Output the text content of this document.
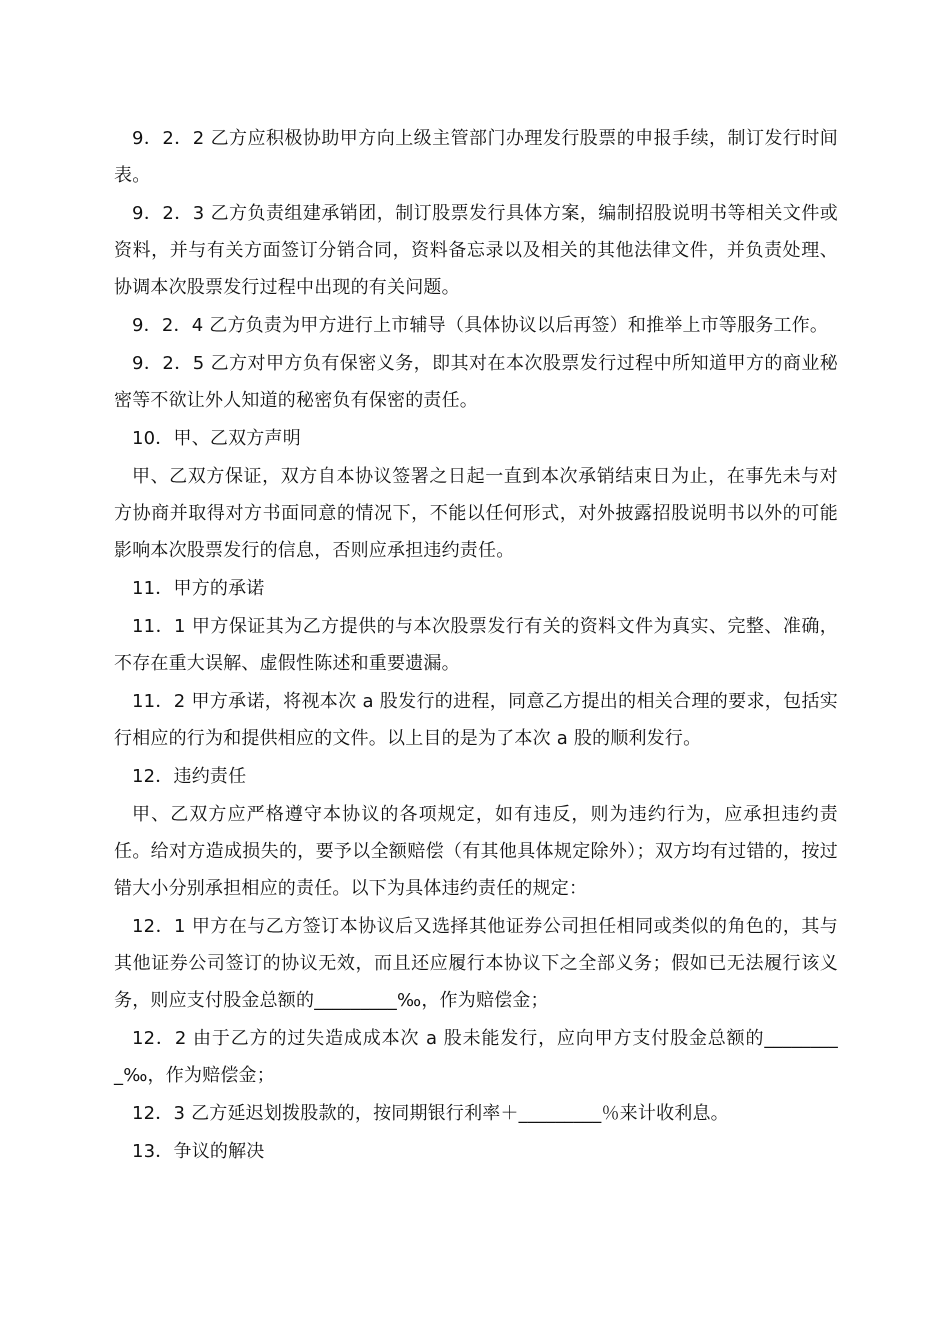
9．2．2 乙方应积极协助甲方向上级主管部门办理发行股票的申报手续，制订发行时间表。

9．2．3 乙方负责组建承销团，制订股票发行具体方案，编制招股说明书等相关文件或资料，并与有关方面签订分销合同，资料备忘录以及相关的其他法律文件，并负责处理、协调本次股票发行过程中出现的有关问题。

9．2．4 乙方负责为甲方进行上市辅导（具体协议以后再签）和推举上市等服务工作。

9．2．5 乙方对甲方负有保密义务，即其对在本次股票发行过程中所知道甲方的商业秘密等不欲让外人知道的秘密负有保密的责任。

10．甲、乙双方声明

甲、乙双方保证，双方自本协议签署之日起一直到本次承销结束日为止，在事先未与对方协商并取得对方书面同意的情况下，不能以任何形式，对外披露招股说明书以外的可能影响本次股票发行的信息，否则应承担违约责任。

11．甲方的承诺

11．1 甲方保证其为乙方提供的与本次股票发行有关的资料文件为真实、完整、准确，不存在重大误解、虚假性陈述和重要遗漏。

11．2 甲方承诺，将视本次 a 股发行的进程，同意乙方提出的相关合理的要求，包括实行相应的行为和提供相应的文件。以上目的是为了本次 a 股的顺利发行。

12．违约责任

甲、乙双方应严格遵守本协议的各项规定，如有违反，则为违约行为，应承担违约责任。给对方造成损失的，要予以全额赔偿（有其他具体规定除外）；双方均有过错的，按过错大小分别承担相应的责任。以下为具体违约责任的规定：

12．1 甲方在与乙方签订本协议后又选择其他证券公司担任相同或类似的角色的，其与其他证券公司签订的协议无效，而且还应履行本协议下之全部义务；假如已无法履行该义务，则应支付股金总额的_________‰，作为赔偿金；

12．2 由于乙方的过失造成成本次 a 股未能发行，应向甲方支付股金总额的_________‰，作为赔偿金；

12．3 乙方延迟划拨股款的，按同期银行利率＋_________％来计收利息。

13．争议的解决
